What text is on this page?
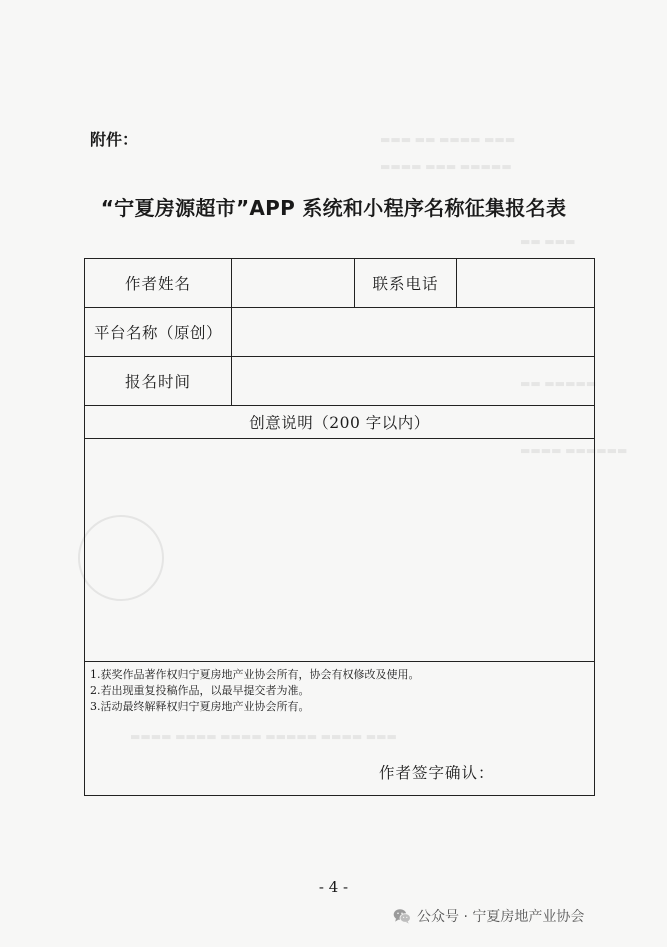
▬▬▬ ▬▬ ▬▬▬▬ ▬▬▬
▬▬▬▬ ▬▬▬ ▬▬▬▬▬
▬▬ ▬▬▬
▬▬ ▬▬▬▬▬
▬▬▬▬ ▬▬▬▬▬▬
▬▬▬▬ ▬▬▬▬ ▬▬▬▬ ▬▬▬▬▬ ▬▬▬▬ ▬▬▬
附件：
“宁夏房源超市”APP 系统和小程序名称征集报名表
作者姓名	联系电话
平台名称（原创）
报名时间
创意说明（200 字以内）
1.获奖作品著作权归宁夏房地产业协会所有，协会有权修改及使用。
2.若出现重复投稿作品，以最早提交者为准。
3.活动最终解释权归宁夏房地产业协会所有。
作者签字确认：
- 4 -
公众号 · 宁夏房地产业协会
